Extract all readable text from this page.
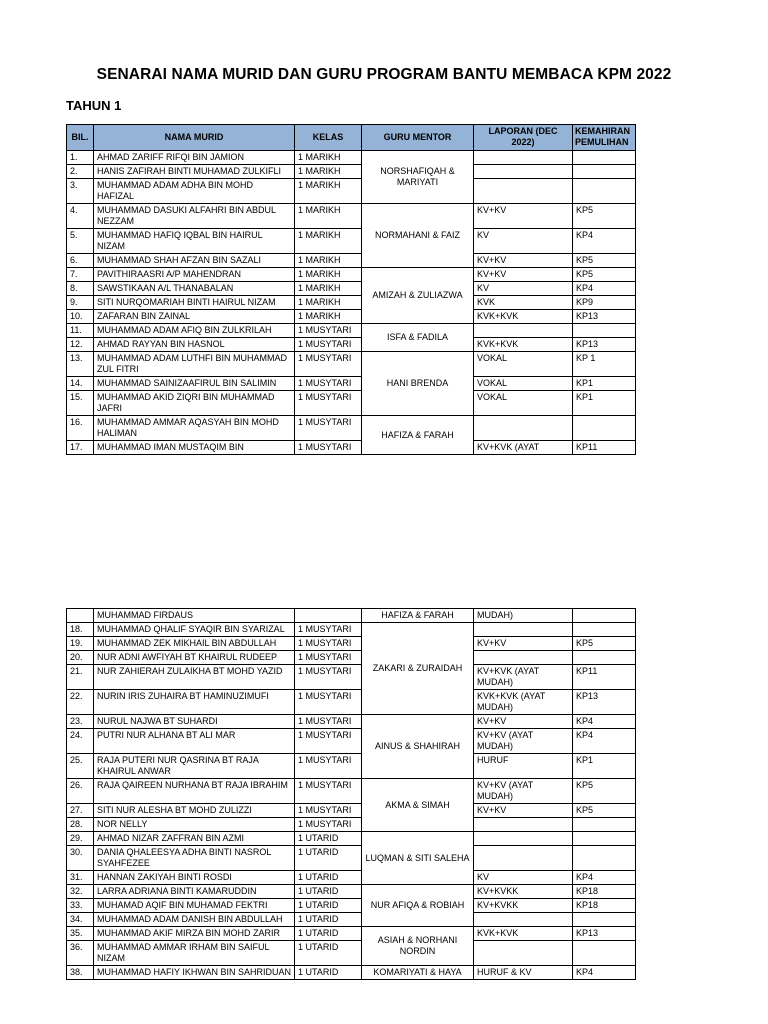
SENARAI NAMA MURID DAN GURU PROGRAM BANTU MEMBACA KPM 2022
TAHUN 1
BIL.	NAMA MURID	KELAS	GURU MENTOR	LAPORAN (DEC 2022)	KEMAHIRAN PEMULIHAN
1.	AHMAD ZARIFF RIFQI BIN JAMION	1 MARIKH	NORSHAFIQAH & MARIYATI		
2.	HANIS ZAFIRAH BINTI MUHAMAD ZULKIFLI	1 MARIKH			
3.	MUHAMMAD ADAM ADHA BIN MOHD HAFIZAL	1 MARIKH			
4.	MUHAMMAD DASUKI ALFAHRI BIN ABDUL NEZZAM	1 MARIKH	NORMAHANI & FAIZ	KV+KV	KP5
5.	MUHAMMAD HAFIQ IQBAL BIN HAIRUL NIZAM	1 MARIKH		KV	KP4
6.	MUHAMMAD SHAH AFZAN BIN SAZALI	1 MARIKH		KV+KV	KP5
7.	PAVITHIRAASRI A/P MAHENDRAN	1 MARIKH	AMIZAH & ZULIAZWA	KV+KV	KP5
8.	SAWSTIKAAN A/L THANABALAN	1 MARIKH		KV	KP4
9.	SITI NURQOMARIAH BINTI HAIRUL NIZAM	1 MARIKH		KVK	KP9
10.	ZAFARAN BIN ZAINAL	1 MARIKH		KVK+KVK	KP13
11.	MUHAMMAD ADAM AFIQ BIN ZULKRILAH	1 MUSYTARI	ISFA & FADILA		
12.	AHMAD RAYYAN BIN HASNOL	1 MUSYTARI		KVK+KVK	KP13
13.	MUHAMMAD ADAM LUTHFI BIN MUHAMMAD ZUL FITRI	1 MUSYTARI	HANI BRENDA	VOKAL	KP 1
14.	MUHAMMAD SAINIZAAFIRUL BIN SALIMIN	1 MUSYTARI		VOKAL	KP1
15.	MUHAMMAD AKID ZIQRI BIN MUHAMMAD JAFRI	1 MUSYTARI		VOKAL	KP1
16.	MUHAMMAD AMMAR AQASYAH BIN MOHD HALIMAN	1 MUSYTARI	HAFIZA & FARAH		
17.	MUHAMMAD IMAN MUSTAQIM BIN	1 MUSYTARI		KV+KVK (AYAT	KP11
	MUHAMMAD FIRDAUS		HAFIZA & FARAH	MUDAH)	
18.	MUHAMMAD QHALIF SYAQIR BIN SYARIZAL	1 MUSYTARI	ZAKARI & ZURAIDAH		
19.	MUHAMMAD ZEK MIKHAIL BIN ABDULLAH	1 MUSYTARI		KV+KV	KP5
20.	NUR ADNI AWFIYAH BT KHAIRUL RUDEEP	1 MUSYTARI			
21.	NUR ZAHIERAH ZULAIKHA BT MOHD YAZID	1 MUSYTARI		KV+KVK (AYAT MUDAH)	KP11
22.	NURIN IRIS ZUHAIRA BT HAMINUZIMUFI	1 MUSYTARI		KVK+KVK (AYAT MUDAH)	KP13
23.	NURUL NAJWA BT SUHARDI	1 MUSYTARI	AINUS & SHAHIRAH	KV+KV	KP4
24.	PUTRI NUR ALHANA BT ALI MAR	1 MUSYTARI		KV+KV (AYAT MUDAH)	KP4
25.	RAJA PUTERI NUR QASRINA BT RAJA KHAIRUL ANWAR	1 MUSYTARI		HURUF	KP1
26.	RAJA QAIREEN NURHANA BT RAJA IBRAHIM	1 MUSYTARI	AKMA & SIMAH	KV+KV (AYAT MUDAH)	KP5
27.	SITI NUR ALESHA BT MOHD ZULIZZI	1 MUSYTARI		KV+KV	KP5
28.	NOR NELLY	1 MUSYTARI			
29.	AHMAD NIZAR ZAFFRAN BIN AZMI	1 UTARID	LUQMAN & SITI SALEHA		
30.	DANIA QHALEESYA ADHA BINTI NASROL SYAHFEZEE	1 UTARID			
31.	HANNAN ZAKIYAH BINTI ROSDI	1 UTARID		KV	KP4
32.	LARRA ADRIANA BINTI KAMARUDDIN	1 UTARID	NUR AFIQA & ROBIAH	KV+KVKK	KP18
33.	MUHAMAD AQIF BIN MUHAMAD FEKTRI	1 UTARID		KV+KVKK	KP18
34.	MUHAMMAD ADAM DANISH BIN ABDULLAH	1 UTARID			
35.	MUHAMMAD AKIF MIRZA BIN MOHD ZARIR	1 UTARID	ASIAH & NORHANI NORDIN	KVK+KVK	KP13
36.	MUHAMMAD AMMAR IRHAM BIN SAIFUL NIZAM	1 UTARID			
38.	MUHAMMAD HAFIY IKHWAN BIN SAHRIDUAN	1 UTARID	KOMARIYATI & HAYA	HURUF & KV	KP4
